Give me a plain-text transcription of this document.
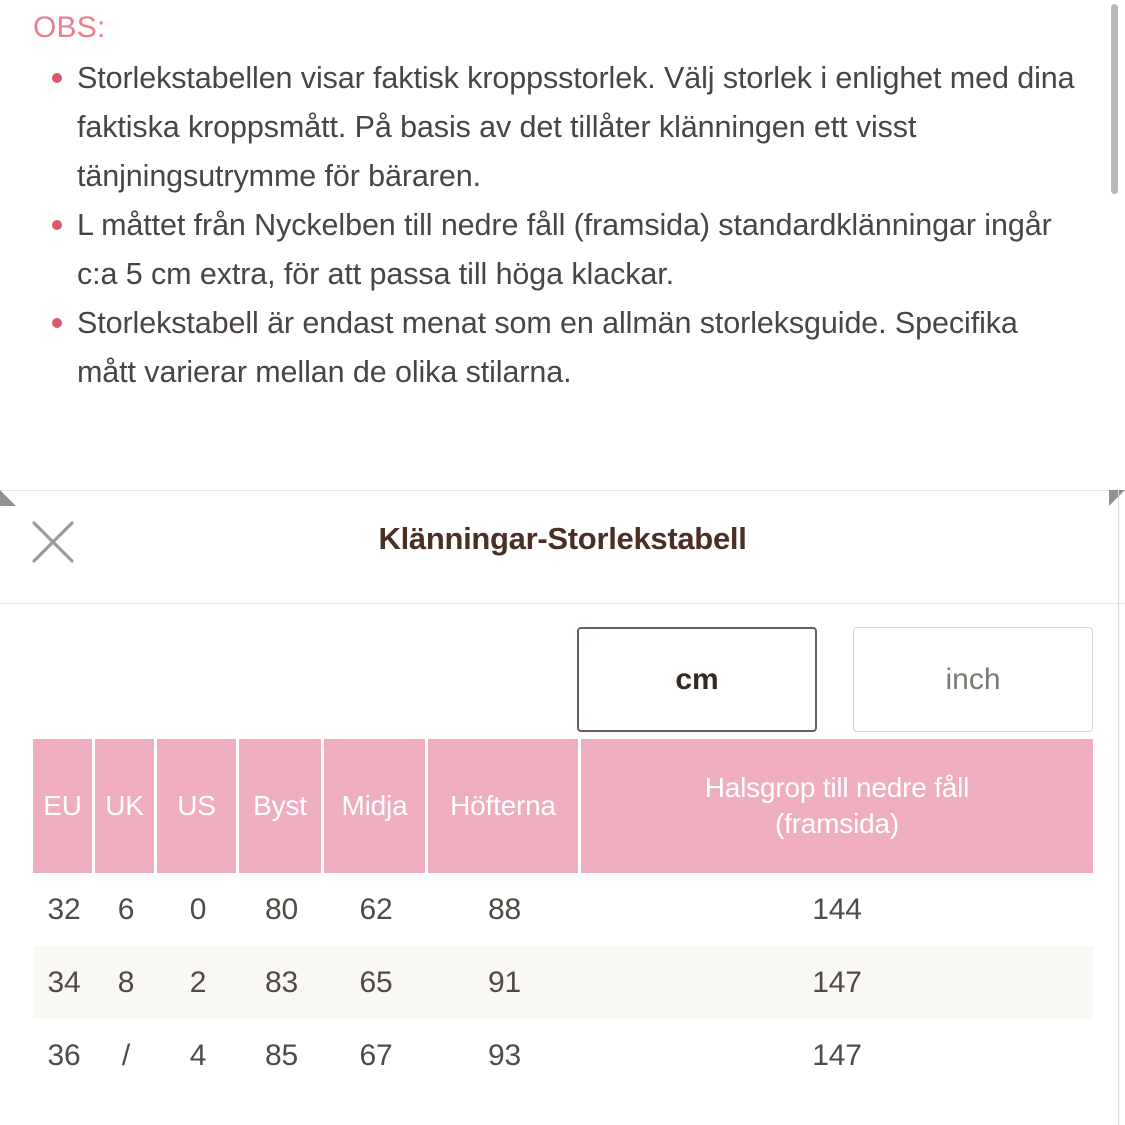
OBS:
Storlekstabellen visar faktisk kroppsstorlek. Välj storlek i enlighet med dina faktiska kroppsmått. På basis av det tillåter klänningen ett visst tänjningsutrymme för bäraren.
L måttet från Nyckelben till nedre fåll (framsida) standardklänningar ingår c:a 5 cm extra, för att passa till höga klackar.
Storlekstabell är endast menat som en allmän storleksguide. Specifika mått varierar mellan de olika stilarna.
Klänningar-Storlekstabell
cm	inch
EU	UK	US	Byst	Midja	Höfterna	Halsgrop till nedre fåll
(framsida)
32	6	0	80	62	88	144
34	8	2	83	65	91	147
36	/	4	85	67	93	147
